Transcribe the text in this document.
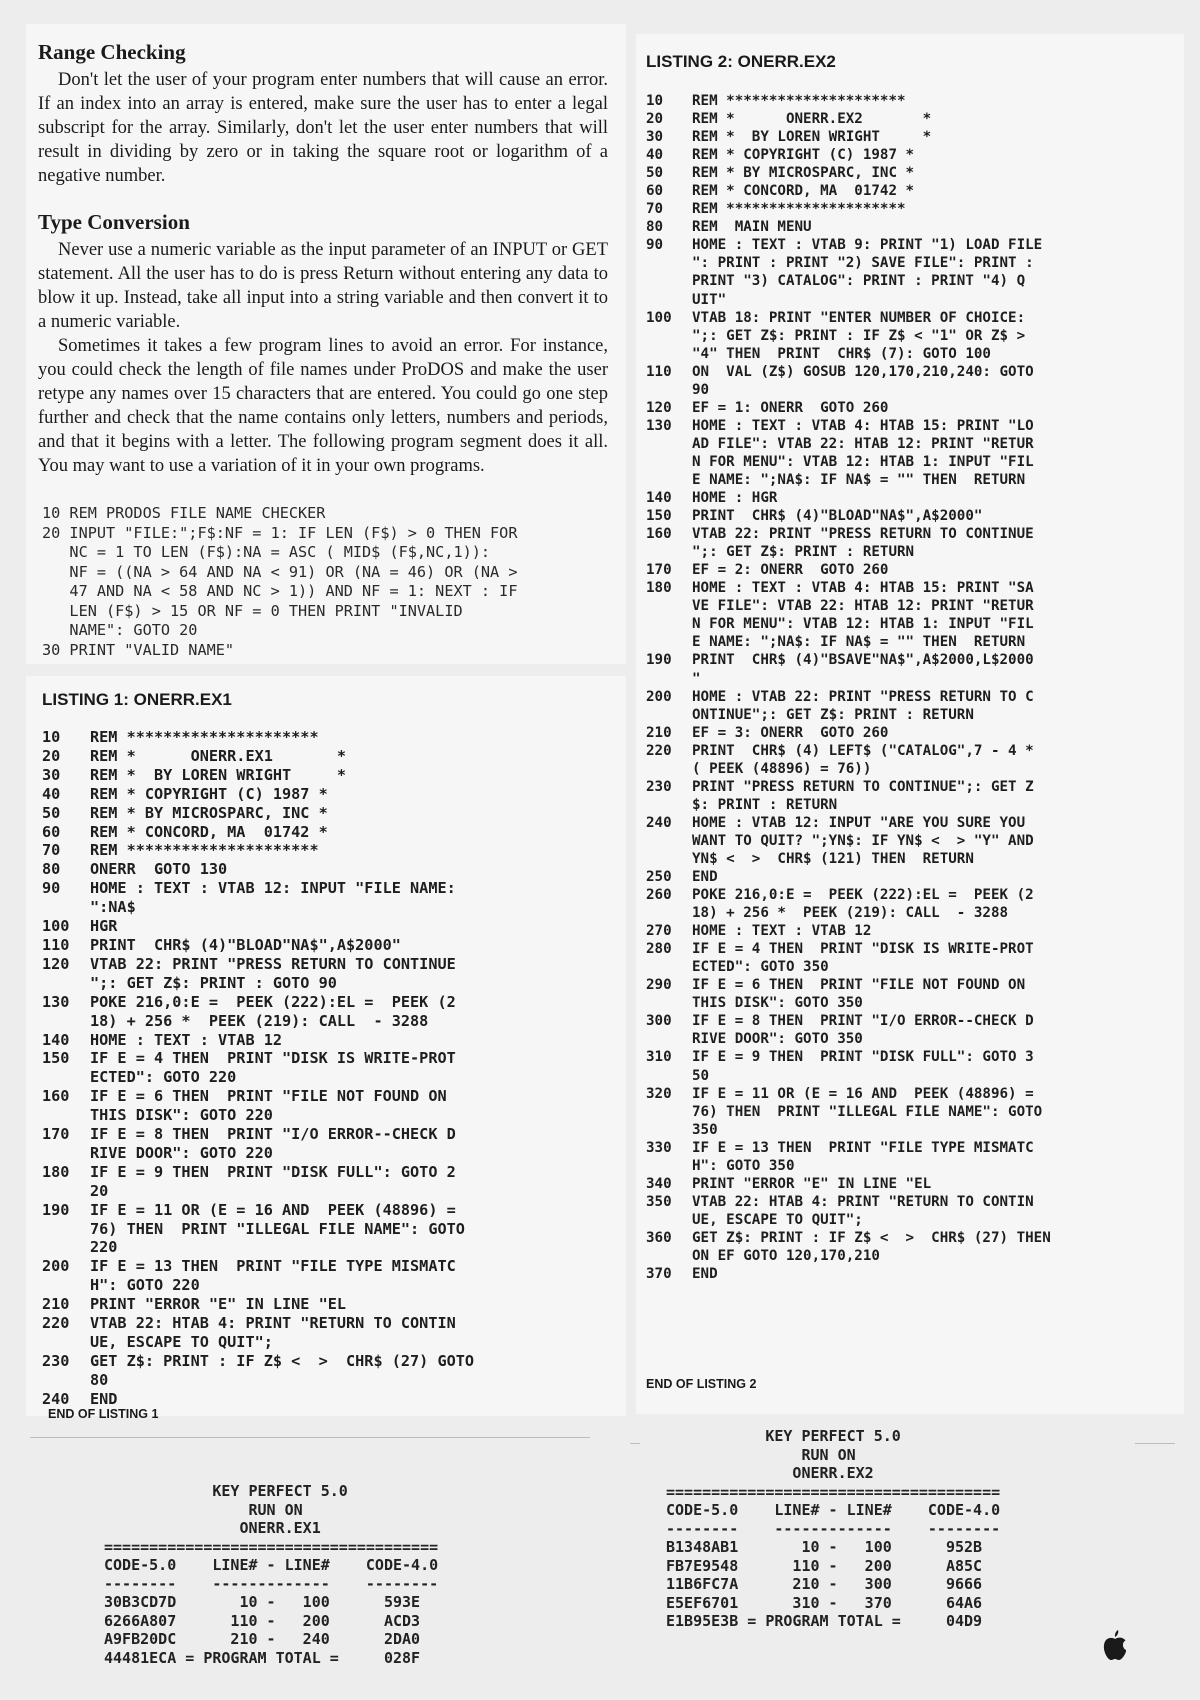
Range Checking

Don't let the user of your program enter numbers that will cause an error. If an index into an array is entered, make sure the user has to enter a legal subscript for the array. Similarly, don't let the user enter numbers that will result in dividing by zero or in taking the square root or logarithm of a negative number.

Type Conversion

Never use a numeric variable as the input parameter of an INPUT or GET statement. All the user has to do is press Return without entering any data to blow it up. Instead, take all input into a string variable and then convert it to a numeric variable.

Sometimes it takes a few program lines to avoid an error. For instance, you could check the length of file names under ProDOS and make the user retype any names over 15 characters that are entered. You could go one step further and check that the name contains only letters, numbers and periods, and that it begins with a letter. The following program segment does it all. You may want to use a variation of it in your own programs.

10 REM PRODOS FILE NAME CHECKER
20 INPUT "FILE:";F$:NF = 1: IF LEN (F$) > 0 THEN FOR
NC = 1 TO LEN (F$):NA = ASC ( MID$ (F$,NC,1)):
NF = ((NA > 64 AND NA < 91) OR (NA = 46) OR (NA >
47 AND NA < 58 AND NC > 1)) AND NF = 1: NEXT : IF
LEN (F$) > 15 OR NF = 0 THEN PRINT "INVALID
NAME": GOTO 20
30 PRINT "VALID NAME"
LISTING 1: ONERR.EX1
10	REM *********************
20	REM *      ONERR.EX1       *
30	REM *  BY LOREN WRIGHT     *
40	REM * COPYRIGHT (C) 1987 *
50	REM * BY MICROSPARC, INC *
60	REM * CONCORD, MA  01742 *
70	REM *********************
80	ONERR  GOTO 130
90	HOME : TEXT : VTAB 12: INPUT "FILE NAME:
":NA$
100	HGR
110	PRINT  CHR$ (4)"BLOAD"NA$",A$2000"
120	VTAB 22: PRINT "PRESS RETURN TO CONTINUE
";: GET Z$: PRINT : GOTO 90
130	POKE 216,0:E =  PEEK (222):EL =  PEEK (2
18) + 256 *  PEEK (219): CALL  - 3288
140	HOME : TEXT : VTAB 12
150	IF E = 4 THEN  PRINT "DISK IS WRITE-PROT
ECTED": GOTO 220
160	IF E = 6 THEN  PRINT "FILE NOT FOUND ON
THIS DISK": GOTO 220
170	IF E = 8 THEN  PRINT "I/O ERROR--CHECK D
RIVE DOOR": GOTO 220
180	IF E = 9 THEN  PRINT "DISK FULL": GOTO 2
20
190	IF E = 11 OR (E = 16 AND  PEEK (48896) =
76) THEN  PRINT "ILLEGAL FILE NAME": GOTO
220
200	IF E = 13 THEN  PRINT "FILE TYPE MISMATC
H": GOTO 220
210	PRINT "ERROR "E" IN LINE "EL
220	VTAB 22: HTAB 4: PRINT "RETURN TO CONTIN
UE, ESCAPE TO QUIT";
230	GET Z$: PRINT : IF Z$ <  >  CHR$ (27) GOTO
80
240	END
END OF LISTING 1
KEY PERFECT 5.0
RUN ON
ONERR.EX1
=====================================
CODE-5.0    LINE# - LINE#    CODE-4.0
--------    -------------    --------
30B3CD7D       10 -   100      593E
6266A807      110 -   200      ACD3
A9FB20DC      210 -   240      2DA0
44481ECA = PROGRAM TOTAL =     028F
LISTING 2: ONERR.EX2
10	REM *********************
20	REM *      ONERR.EX2       *
30	REM *  BY LOREN WRIGHT     *
40	REM * COPYRIGHT (C) 1987 *
50	REM * BY MICROSPARC, INC *
60	REM * CONCORD, MA  01742 *
70	REM *********************
80	REM  MAIN MENU
90	HOME : TEXT : VTAB 9: PRINT "1) LOAD FILE
": PRINT : PRINT "2) SAVE FILE": PRINT :
PRINT "3) CATALOG": PRINT : PRINT "4) Q
UIT"
100	VTAB 18: PRINT "ENTER NUMBER OF CHOICE:
";: GET Z$: PRINT : IF Z$ < "1" OR Z$ >
"4" THEN  PRINT  CHR$ (7): GOTO 100
110	ON  VAL (Z$) GOSUB 120,170,210,240: GOTO
90
120	EF = 1: ONERR  GOTO 260
130	HOME : TEXT : VTAB 4: HTAB 15: PRINT "LO
AD FILE": VTAB 22: HTAB 12: PRINT "RETUR
N FOR MENU": VTAB 12: HTAB 1: INPUT "FIL
E NAME: ";NA$: IF NA$ = "" THEN  RETURN
140	HOME : HGR
150	PRINT  CHR$ (4)"BLOAD"NA$",A$2000"
160	VTAB 22: PRINT "PRESS RETURN TO CONTINUE
";: GET Z$: PRINT : RETURN
170	EF = 2: ONERR  GOTO 260
180	HOME : TEXT : VTAB 4: HTAB 15: PRINT "SA
VE FILE": VTAB 22: HTAB 12: PRINT "RETUR
N FOR MENU": VTAB 12: HTAB 1: INPUT "FIL
E NAME: ";NA$: IF NA$ = "" THEN  RETURN
190	PRINT  CHR$ (4)"BSAVE"NA$",A$2000,L$2000
"
200	HOME : VTAB 22: PRINT "PRESS RETURN TO C
ONTINUE";: GET Z$: PRINT : RETURN
210	EF = 3: ONERR  GOTO 260
220	PRINT  CHR$ (4) LEFT$ ("CATALOG",7 - 4 *
( PEEK (48896) = 76))
230	PRINT "PRESS RETURN TO CONTINUE";: GET Z
$: PRINT : RETURN
240	HOME : VTAB 12: INPUT "ARE YOU SURE YOU
WANT TO QUIT? ";YN$: IF YN$ <  > "Y" AND
YN$ <  >  CHR$ (121) THEN  RETURN
250	END
260	POKE 216,0:E =  PEEK (222):EL =  PEEK (2
18) + 256 *  PEEK (219): CALL  - 3288
270	HOME : TEXT : VTAB 12
280	IF E = 4 THEN  PRINT "DISK IS WRITE-PROT
ECTED": GOTO 350
290	IF E = 6 THEN  PRINT "FILE NOT FOUND ON
THIS DISK": GOTO 350
300	IF E = 8 THEN  PRINT "I/O ERROR--CHECK D
RIVE DOOR": GOTO 350
310	IF E = 9 THEN  PRINT "DISK FULL": GOTO 3
50
320	IF E = 11 OR (E = 16 AND  PEEK (48896) =
76) THEN  PRINT "ILLEGAL FILE NAME": GOTO
350
330	IF E = 13 THEN  PRINT "FILE TYPE MISMATC
H": GOTO 350
340	PRINT "ERROR "E" IN LINE "EL
350	VTAB 22: HTAB 4: PRINT "RETURN TO CONTIN
UE, ESCAPE TO QUIT";
360	GET Z$: PRINT : IF Z$ <  >  CHR$ (27) THEN
ON EF GOTO 120,170,210
370	END
END OF LISTING 2
KEY PERFECT 5.0
RUN ON
ONERR.EX2
=====================================
CODE-5.0    LINE# - LINE#    CODE-4.0
--------    -------------    --------
B1348AB1       10 -   100      952B
FB7E9548      110 -   200      A85C
11B6FC7A      210 -   300      9666
E5EF6701      310 -   370      64A6
E1B95E3B = PROGRAM TOTAL =     04D9
